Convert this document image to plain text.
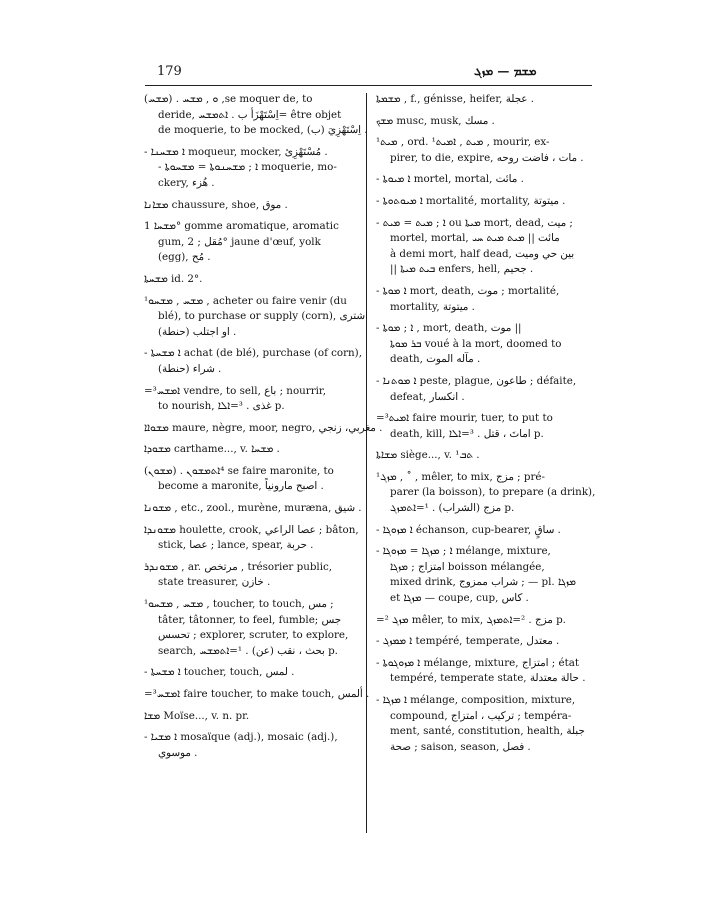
179	ܡܫܡ — ܡܙܓ
(ܡܫܚ) . ܘ , ܡܫܚ ,se moquer de, to
deride, اِسْتَهْزَأ ب . ܐܬܡܫܚ= être objet
de moquerie, to be mocked, (ب) اِسْتَهْزِيَ .
- ܐ ܡܫܚܢܐ moqueur, mocker, مُسْتَهْزِئ .
- ܐ ; ܡܫܚܢܘܬܐ = ܡܫܚܘܬܐ moquerie, mo-
ckery, هُزء .
ܡܫܐܢܐ chaussure, shoe, موق .
ܡܫܚܐ 1° gomme aromatique, aromatic
gum, مُقل ; 2° jaune d'œuf, yolk
(egg), مُح .
ܡܫܚܬܐ id. 2°.
¹ܡܫܚ , ܡܫܚܘ , acheter ou faire venir (du
blé), to purchase or supply (corn), اشترى
او اجتلب (حنطة) .
- ܐ ܡܫܚܬܐ achat (de blé), purchase (of corn),
شراء (حنطة) .
=³ܐܡܫܚ vendre, to sell, باع ; nourrir,
to nourish, غذى . ³=ܐܠܐ p.
ܡܫܘܐܐ maure, nègre, moor, negro, مغربي، زنجي .
ܡܫܘܕܐ carthame..., v. ܡܫܚܐ .
(ܡܫܘܢ) . ⁴ܐܬܡܫܘܢ se faire maronite, to
become a maronite, اصبح مارونياً .
ܡܫܘܢܐ , etc., zool., murène, muræna, شيق .
ܡܫܘܢܕܐ houlette, crook, عصا الراعي ; bâton,
stick, عصا ; lance, spear, حربة .
ܡܫܘܢܕܪ , ar. مرتخص , trésorier public,
state treasurer, خازن .
¹ܡܫܚ , ܡܫܚܘ , toucher, to touch, مس ;
tâter, tâtonner, to feel, fumble; جس
تحسس ; explorer, scruter, to explore,
search, بحث ، نقب (عن) . ¹=ܐܬܡܫܚ p.
- ܐ ܡܫܚܬܐ toucher, touch, لمس .
=³ܐܡܫܚ faire toucher, to make touch, ألمس .
ܡܫܐ Moïse..., v. n. pr.
- ܐ ܡܫܝܐ mosaïque (adj.), mosaic (adj.),
موسوي .
ܡܫܡܬܐ , f., génisse, heifer, عجلة .
ܡܫܟ musc, musk, مسك .
¹ܡܝܬ , ord. ¹ܡܝܬ , ܐܡܝܬ , mourir, ex-
pirer, to die, expire, مات ، فاضت روحه .
- ܐ ܡܝܘܬܐ mortel, mortal, مائت .
- ܐ ܡܝܘܬܘܬܐ mortalité, mortality, ميتوتة .
- ܐ ; ܡܝܬ = ܡܝܬ ou ܡܝܬܐ mort, dead, ميت ;
mortel, mortal, مائت || ܡܝܬ ܡܝܬ ܚܝ
à demi mort, half dead, بين حي وميت
|| ܒܝܬ ܡܝܬܐ enfers, hell, جحيم .
- ܐ ܡܘܬܐ mort, death, موت ; mortalité,
mortality, ميتوتة .
- ܐ ; ܡܘܬܐ , mort, death, موت ||
ܒܪ ܡܘܬܐ voué à la mort, doomed to
death, مآله الموت .
- ܐ ܡܘܬܢܐ peste, plague, طاعون ; défaite,
defeat, انكسار .
=³ܐܡܝܬ faire mourir, tuer, to put to
death, kill, اماتَ ، قتل . ³=ܐܠܐ p.
ܡܫܐܬܐ siège..., v. ¹ܬܒ .
¹ܡܙܓ , ˚ , mêler, to mix, مزج ; pré-
parer (la boisson), to prepare (a drink),
مزج (الشراب) . ¹=ܐܬܡܙܓ p.
- ܐ ܡܙܘܓܐ échanson, cup-bearer, ساقٍ .
- ܐ ; ܡܙܓܐ = ܡܙܘܓܐ mélange, mixture,
امتزاج ; ܡܙܓܐ boisson mélangée,
mixed drink, شراب ممزوج ; — pl. ܡܙܓܐ
et ܡܙܓܐ — coupe, cup, كاس .
=² ܡܙܓ mêler, to mix, مزج . ²=ܐܬܡܙܓ p.
- ܐ ܡܡܙܓ tempéré, temperate, معتدل .
- ܐ ܡܙܘܓܘܬܐ mélange, mixture, امتزاج ; état
tempéré, temperate state, حالة معتدلة .
- ܐ ܡܙܓܐ mélange, composition, mixture,
compound, تركيب ، امتزاج ; tempéra-
ment, santé, constitution, health, جبلة
صحة ; saison, season, فصل .
